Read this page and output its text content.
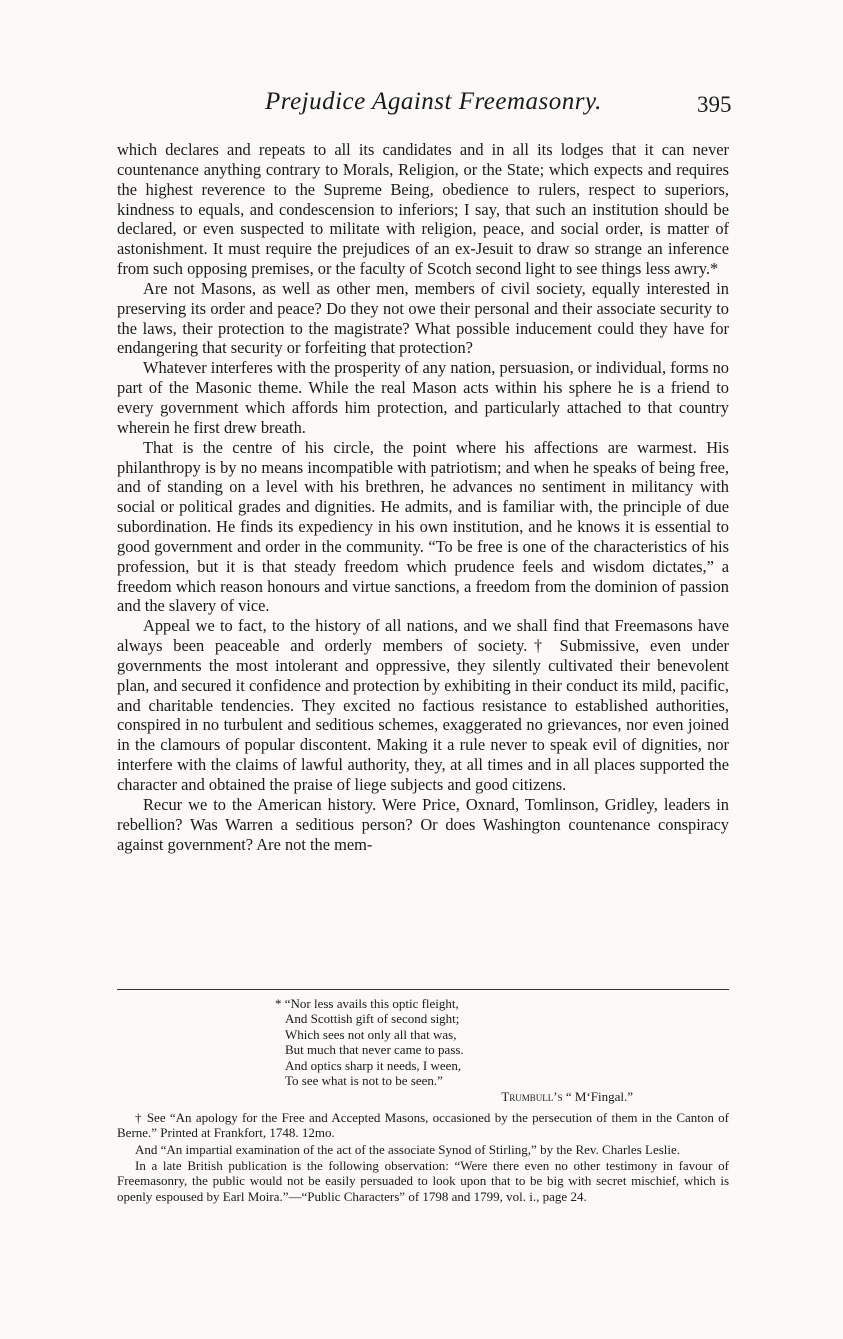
Prejudice Against Freemasonry.	395

which declares and repeats to all its candidates and in all its lodges that it can never countenance anything contrary to Morals, Religion, or the State; which expects and requires the highest reverence to the Supreme Being, obedience to rulers, respect to superiors, kindness to equals, and condescension to inferiors; I say, that such an institution should be declared, or even suspected to militate with religion, peace, and social order, is matter of astonishment. It must require the prejudices of an ex-Jesuit to draw so strange an inference from such opposing premises, or the faculty of Scotch second light to see things less awry.*

Are not Masons, as well as other men, members of civil society, equally interested in preserving its order and peace? Do they not owe their personal and their associate security to the laws, their protection to the magistrate? What possible inducement could they have for endangering that security or forfeiting that protection?

Whatever interferes with the prosperity of any nation, persuasion, or individual, forms no part of the Masonic theme. While the real Mason acts within his sphere he is a friend to every government which affords him protection, and particularly attached to that country wherein he first drew breath.

That is the centre of his circle, the point where his affections are warmest. His philanthropy is by no means incompatible with patriotism; and when he speaks of being free, and of standing on a level with his brethren, he advances no sentiment in militancy with social or political grades and dignities. He admits, and is familiar with, the principle of due subordination. He finds its expediency in his own institution, and he knows it is essential to good government and order in the community. “To be free is one of the characteristics of his profession, but it is that steady freedom which prudence feels and wisdom dictates,” a freedom which reason honours and virtue sanctions, a freedom from the dominion of passion and the slavery of vice.

Appeal we to fact, to the history of all nations, and we shall find that Freemasons have always been peaceable and orderly members of society.† Submissive, even under governments the most intolerant and oppressive, they silently cultivated their benevolent plan, and secured it confidence and protection by exhibiting in their conduct its mild, pacific, and charitable tendencies. They excited no factious resistance to established authorities, conspired in no turbulent and seditious schemes, exaggerated no grievances, nor even joined in the clamours of popular discontent. Making it a rule never to speak evil of dignities, nor interfere with the claims of lawful authority, they, at all times and in all places supported the character and obtained the praise of liege subjects and good citizens.

Recur we to the American history. Were Price, Oxnard, Tomlinson, Gridley, leaders in rebellion? Was Warren a seditious person? Or does Washington countenance conspiracy against government? Are not the mem-

* “Nor less avails this optic fleight,
And Scottish gift of second sight;
Which sees not only all that was,
But much that never came to pass.
And optics sharp it needs, I ween,
To see what is not to be seen.”
Trumbull’s “ M‘Fingal.”

† See “An apology for the Free and Accepted Masons, occasioned by the persecution of them in the Canton of Berne.” Printed at Frankfort, 1748. 12mo.

And “An impartial examination of the act of the associate Synod of Stirling,” by the Rev. Charles Leslie.

In a late British publication is the following observation: “Were there even no other testimony in favour of Freemasonry, the public would not be easily persuaded to look upon that to be big with secret mischief, which is openly espoused by Earl Moira.”—“Public Characters” of 1798 and 1799, vol. i., page 24.
